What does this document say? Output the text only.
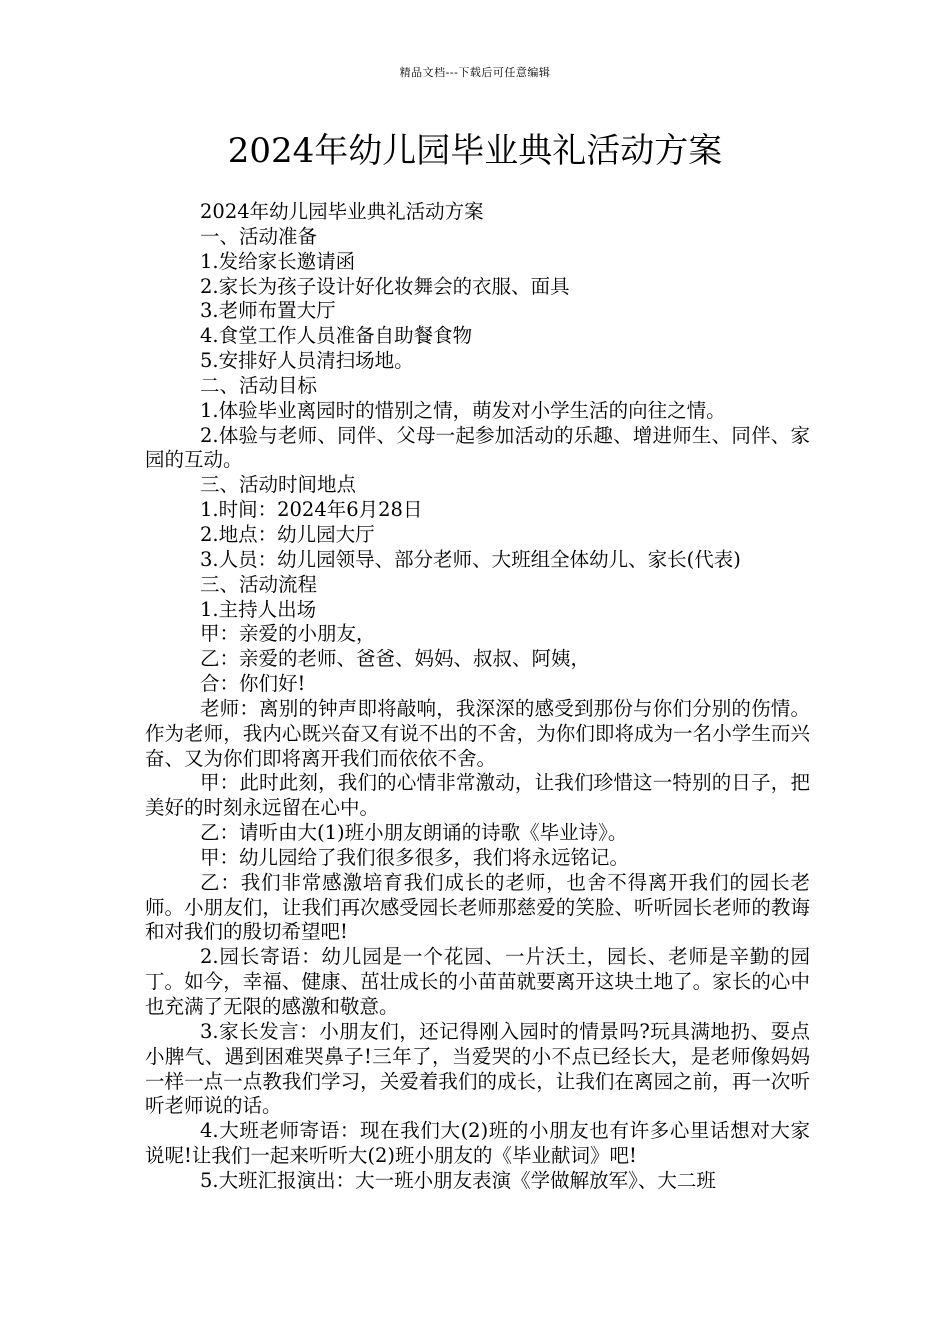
精品文档---下载后可任意编辑
2024年幼儿园毕业典礼活动方案

2024年幼儿园毕业典礼活动方案

一、活动准备

1.发给家长邀请函

2.家长为孩子设计好化妆舞会的衣服、面具

3.老师布置大厅

4.食堂工作人员准备自助餐食物

5.安排好人员清扫场地。

二、活动目标

1.体验毕业离园时的惜别之情，萌发对小学生活的向往之情。

2.体验与老师、同伴、父母一起参加活动的乐趣、增进师生、同伴、家园的互动。

三、活动时间地点

1.时间：2024年6月28日

2.地点：幼儿园大厅

3.人员：幼儿园领导、部分老师、大班组全体幼儿、家长(代表)

三、活动流程

1.主持人出场

甲：亲爱的小朋友，

乙：亲爱的老师、爸爸、妈妈、叔叔、阿姨，

合：你们好!

老师：离别的钟声即将敲响，我深深的感受到那份与你们分别的伤情。作为老师，我内心既兴奋又有说不出的不舍，为你们即将成为一名小学生而兴奋、又为你们即将离开我们而依依不舍。

甲：此时此刻，我们的心情非常激动，让我们珍惜这一特别的日子，把美好的时刻永远留在心中。

乙：请听由大(1)班小朋友朗诵的诗歌《毕业诗》。

甲：幼儿园给了我们很多很多，我们将永远铭记。

乙：我们非常感激培育我们成长的老师，也舍不得离开我们的园长老师。小朋友们，让我们再次感受园长老师那慈爱的笑脸、听听园长老师的教诲和对我们的殷切希望吧!

2.园长寄语：幼儿园是一个花园、一片沃土，园长、老师是辛勤的园丁。如今，幸福、健康、茁壮成长的小苗苗就要离开这块土地了。家长的心中也充满了无限的感激和敬意。

3.家长发言：小朋友们，还记得刚入园时的情景吗?玩具满地扔、耍点小脾气、遇到困难哭鼻子!三年了，当爱哭的小不点已经长大，是老师像妈妈一样一点一点教我们学习，关爱着我们的成长，让我们在离园之前，再一次听听老师说的话。

4.大班老师寄语：现在我们大(2)班的小朋友也有许多心里话想对大家说呢!让我们一起来听听大(2)班小朋友的《毕业献词》吧!

5.大班汇报演出：大一班小朋友表演《学做解放军》、大二班
